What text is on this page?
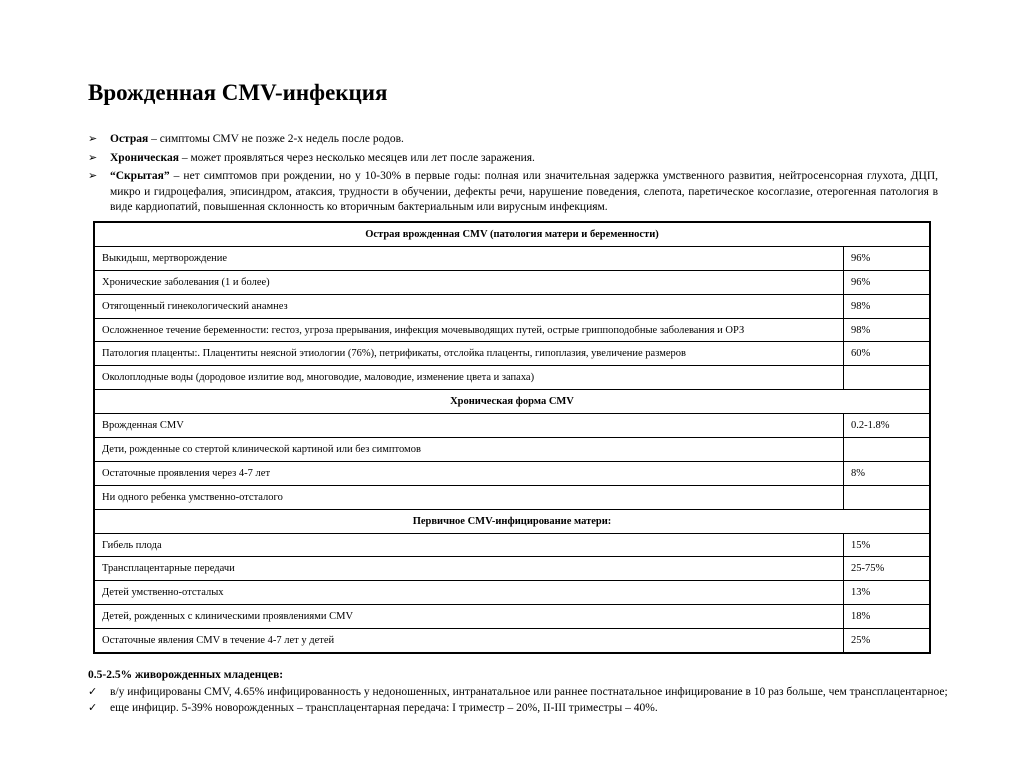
Врожденная CMV-инфекция
➢	Острая – симптомы CMV не позже 2-х недель после родов.
➢	Хроническая – может проявляться через несколько месяцев или лет после заражения.
➢	“Скрытая” – нет симптомов при рождении, но у 10-30% в первые годы: полная или значительная задержка умственного развития, нейтросенсорная глухота, ДЦП, микро и гидроцефалия, эписиндром, атаксия, трудности в обучении, дефекты речи, нарушение поведения, слепота, паретическое косоглазие, отерогенная патология в виде кардиопатий, повышенная склонность ко вторичным бактериальным или вирусным инфекциям.
Острая врожденная CMV (патология матери и беременности)	
Выкидыш, мертворождение	96%
Хронические заболевания (1 и более)	96%
Отягощенный гинекологический анамнез	98%
Осложненное течение беременности: гестоз, угроза прерывания, инфекция мочевыводящих путей, острые гриппоподобные заболевания и ОРЗ	98%
Патология плаценты:. Плацентиты неясной этиологии (76%), петрификаты, отслойка плаценты, гипоплазия, увеличение размеров	60%
Околоплодные воды (дородовое излитие вод, многоводие, маловодие, изменение цвета и запаха)	
Хроническая форма CMV	
Врожденная CMV	0.2-1.8%
Дети, рожденные со стертой клинической картиной или без симптомов	
Остаточные проявления через 4-7 лет	8%
Ни одного ребенка умственно-отсталого	
Первичное CMV-инфицирование матери:	
Гибель плода	15%
Трансплацентарные передачи	25-75%
Детей умственно-отсталых	13%
Детей, рожденных с клиническими проявлениями CMV	18%
Остаточные явления CMV в течение 4-7 лет у детей	25%
0.5-2.5% живорожденных младенцев:
✓	в/у инфицированы CMV, 4.65% инфицированность у недоношенных, интранатальное или раннее постнатальное инфицирование в 10 раз больше, чем трансплацентарное;
✓	еще инфицир. 5-39% новорожденных – трансплацентарная передача: I триместр – 20%, II-III триместры – 40%.
